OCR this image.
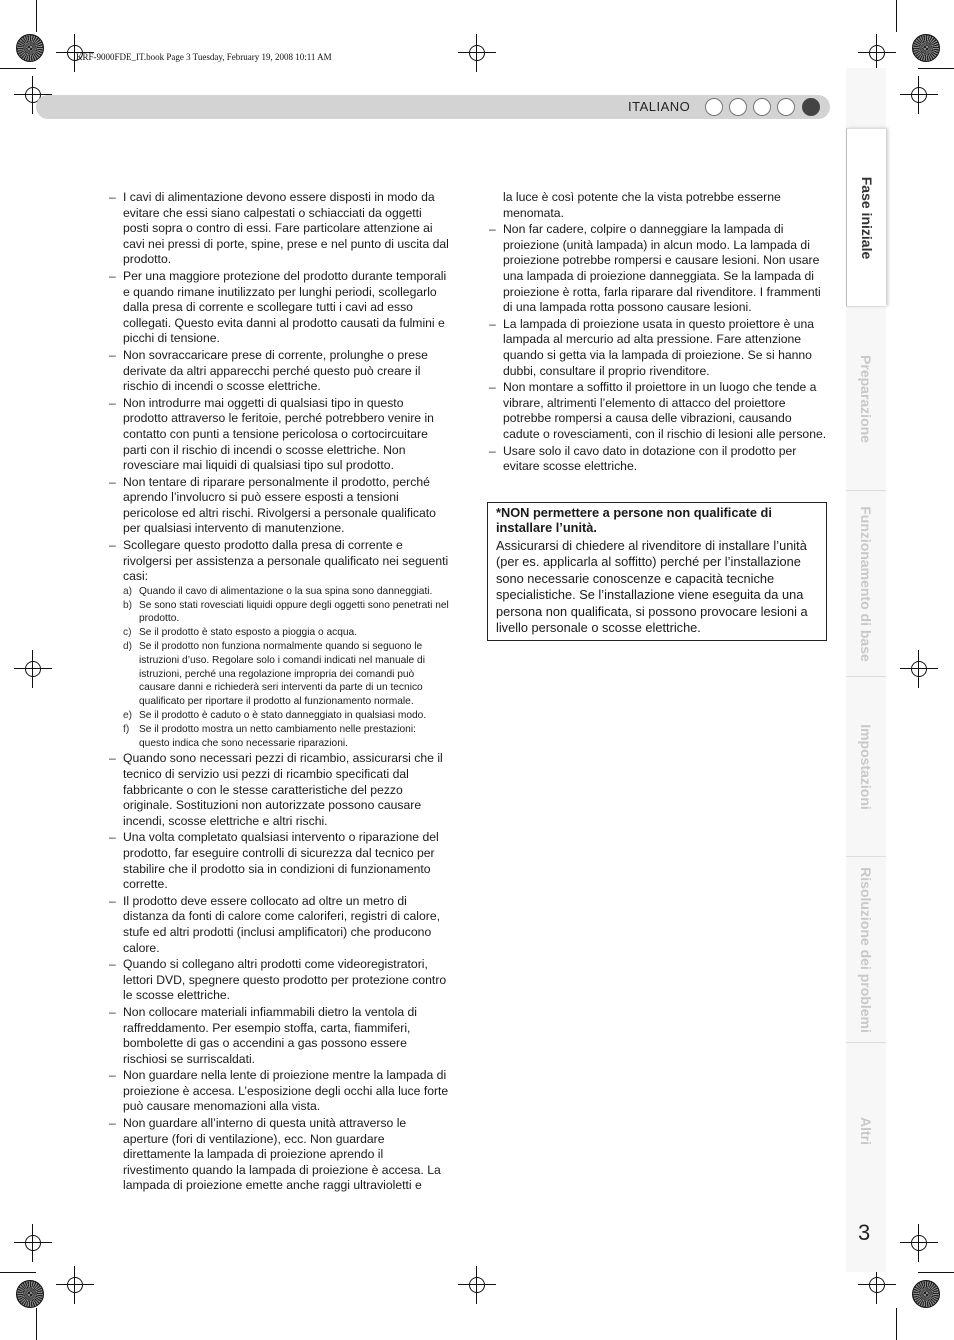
KRF-9000FDE_IT.book Page 3 Tuesday, February 19, 2008 10:11 AM
ITALIANO
Fase iniziale
Preparazione
Funzionamento di base
Impostazioni
Risoluzione dei problemi
Altri
3
– I cavi di alimentazione devono essere disposti in modo da evitare che essi siano calpestati o schiacciati da oggetti posti sopra o contro di essi. Fare particolare attenzione ai cavi nei pressi di porte, spine, prese e nel punto di uscita dal prodotto.
– Per una maggiore protezione del prodotto durante temporali e quando rimane inutilizzato per lunghi periodi, scollegarlo dalla presa di corrente e scollegare tutti i cavi ad esso collegati. Questo evita danni al prodotto causati da fulmini e picchi di tensione.
– Non sovraccaricare prese di corrente, prolunghe o prese derivate da altri apparecchi perché questo può creare il rischio di incendi o scosse elettriche.
– Non introdurre mai oggetti di qualsiasi tipo in questo prodotto attraverso le feritoie, perché potrebbero venire in contatto con punti a tensione pericolosa o cortocircuitare parti con il rischio di incendi o scosse elettriche. Non rovesciare mai liquidi di qualsiasi tipo sul prodotto.
– Non tentare di riparare personalmente il prodotto, perché aprendo l’involucro si può essere esposti a tensioni pericolose ed altri rischi. Rivolgersi a personale qualificato per qualsiasi intervento di manutenzione.
– Scollegare questo prodotto dalla presa di corrente e rivolgersi per assistenza a personale qualificato nei seguenti casi:
a) Quando il cavo di alimentazione o la sua spina sono danneggiati.
b) Se sono stati rovesciati liquidi oppure degli oggetti sono penetrati nel prodotto.
c) Se il prodotto è stato esposto a pioggia o acqua.
d) Se il prodotto non funziona normalmente quando si seguono le istruzioni d’uso. Regolare solo i comandi indicati nel manuale di istruzioni, perché una regolazione impropria dei comandi può causare danni e richiederà seri interventi da parte di un tecnico qualificato per riportare il prodotto al funzionamento normale.
e) Se il prodotto è caduto o è stato danneggiato in qualsiasi modo.
f) Se il prodotto mostra un netto cambiamento nelle prestazioni: questo indica che sono necessarie riparazioni.
– Quando sono necessari pezzi di ricambio, assicurarsi che il tecnico di servizio usi pezzi di ricambio specificati dal fabbricante o con le stesse caratteristiche del pezzo originale. Sostituzioni non autorizzate possono causare incendi, scosse elettriche e altri rischi.
– Una volta completato qualsiasi intervento o riparazione del prodotto, far eseguire controlli di sicurezza dal tecnico per stabilire che il prodotto sia in condizioni di funzionamento corrette.
– Il prodotto deve essere collocato ad oltre un metro di distanza da fonti di calore come caloriferi, registri di calore, stufe ed altri prodotti (inclusi amplificatori) che producono calore.
– Quando si collegano altri prodotti come videoregistratori, lettori DVD, spegnere questo prodotto per protezione contro le scosse elettriche.
– Non collocare materiali infiammabili dietro la ventola di raffreddamento. Per esempio stoffa, carta, fiammiferi, bombolette di gas o accendini a gas possono essere rischiosi se surriscaldati.
– Non guardare nella lente di proiezione mentre la lampada di proiezione è accesa. L’esposizione degli occhi alla luce forte può causare menomazioni alla vista.
– Non guardare all’interno di questa unità attraverso le aperture (fori di ventilazione), ecc. Non guardare direttamente la lampada di proiezione aprendo il rivestimento quando la lampada di proiezione è accesa. La lampada di proiezione emette anche raggi ultravioletti e
la luce è così potente che la vista potrebbe esserne menomata.
– Non far cadere, colpire o danneggiare la lampada di proiezione (unità lampada) in alcun modo. La lampada di proiezione potrebbe rompersi e causare lesioni. Non usare una lampada di proiezione danneggiata. Se la lampada di proiezione è rotta, farla riparare dal rivenditore. I frammenti di una lampada rotta possono causare lesioni.
– La lampada di proiezione usata in questo proiettore è una lampada al mercurio ad alta pressione. Fare attenzione quando si getta via la lampada di proiezione. Se si hanno dubbi, consultare il proprio rivenditore.
– Non montare a soffitto il proiettore in un luogo che tende a vibrare, altrimenti l’elemento di attacco del proiettore potrebbe rompersi a causa delle vibrazioni, causando cadute o rovesciamenti, con il rischio di lesioni alle persone.
– Usare solo il cavo dato in dotazione con il prodotto per evitare scosse elettriche.
*NON permettere a persone non qualificate di installare l’unità.
Assicurarsi di chiedere al rivenditore di installare l’unità (per es. applicarla al soffitto) perché per l’installazione sono necessarie conoscenze e capacità tecniche specialistiche. Se l’installazione viene eseguita da una persona non qualificata, si possono provocare lesioni a livello personale o scosse elettriche.
